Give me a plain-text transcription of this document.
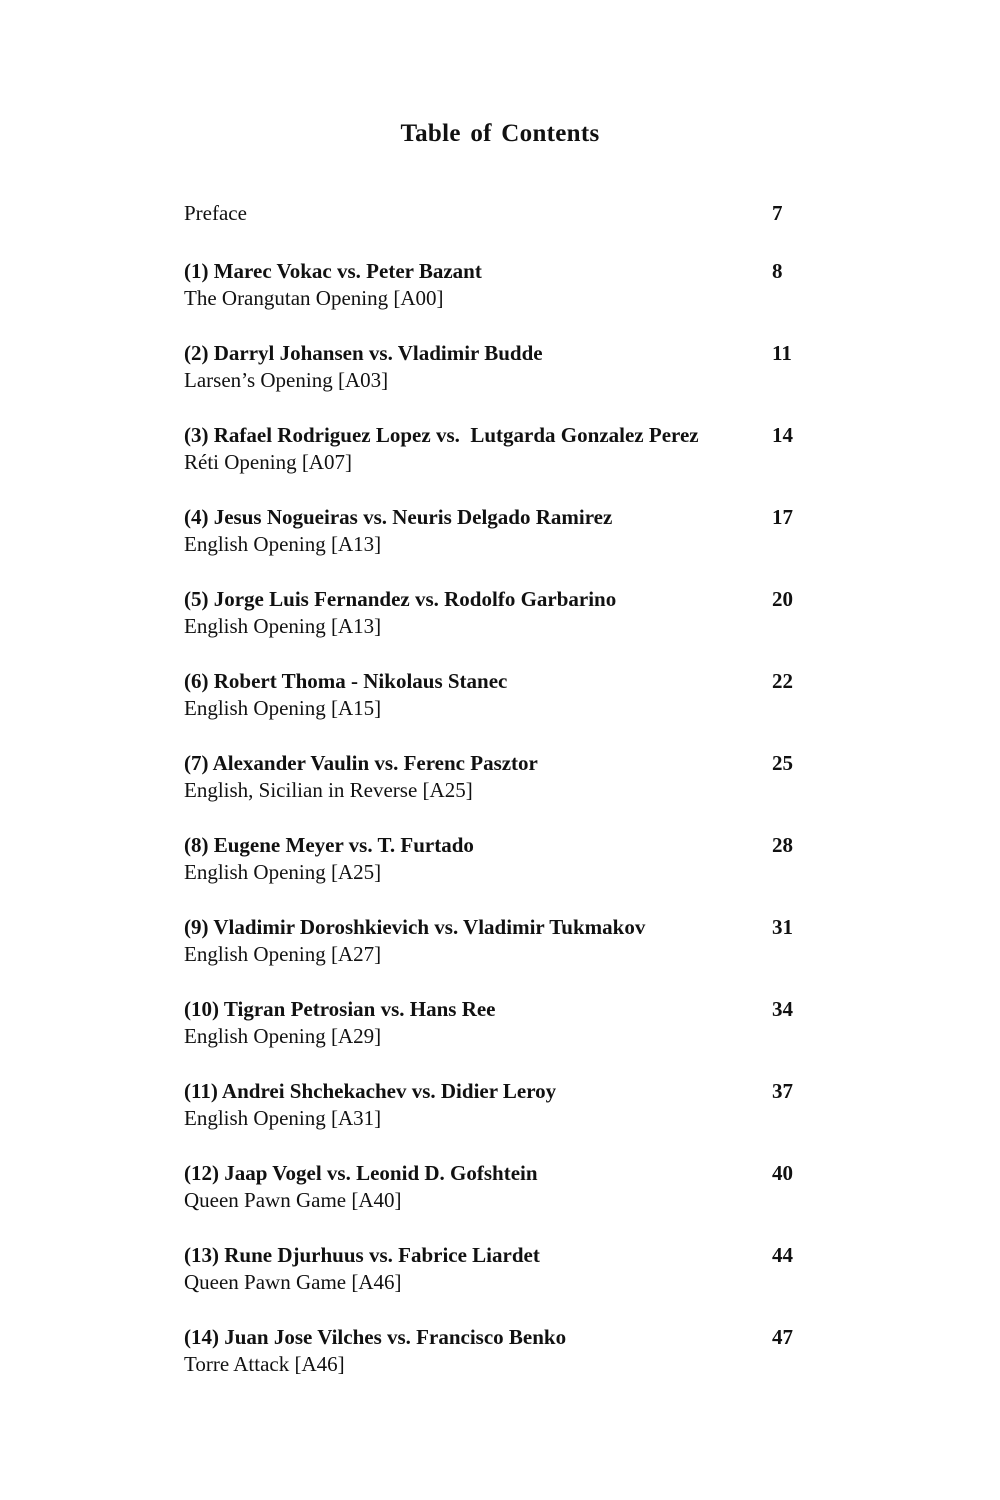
Table of Contents
Preface	7
(1) Marec Vokac vs. Peter Bazant	8
The Orangutan Opening [A00]
(2) Darryl Johansen vs. Vladimir Budde	11
Larsen’s Opening [A03]
(3) Rafael Rodriguez Lopez vs.  Lutgarda Gonzalez Perez	14
Réti Opening [A07]
(4) Jesus Nogueiras vs. Neuris Delgado Ramirez	17
English Opening [A13]
(5) Jorge Luis Fernandez vs. Rodolfo Garbarino	20
English Opening [A13]
(6) Robert Thoma - Nikolaus Stanec	22
English Opening [A15]
(7) Alexander Vaulin vs. Ferenc Pasztor	25
English, Sicilian in Reverse [A25]
(8) Eugene Meyer vs. T. Furtado	28
English Opening [A25]
(9) Vladimir Doroshkievich vs. Vladimir Tukmakov	31
English Opening [A27]
(10) Tigran Petrosian vs. Hans Ree	34
English Opening [A29]
(11) Andrei Shchekachev vs. Didier Leroy	37
English Opening [A31]
(12) Jaap Vogel vs. Leonid D. Gofshtein	40
Queen Pawn Game [A40]
(13) Rune Djurhuus vs. Fabrice Liardet	44
Queen Pawn Game [A46]
(14) Juan Jose Vilches vs. Francisco Benko	47
Torre Attack [A46]
